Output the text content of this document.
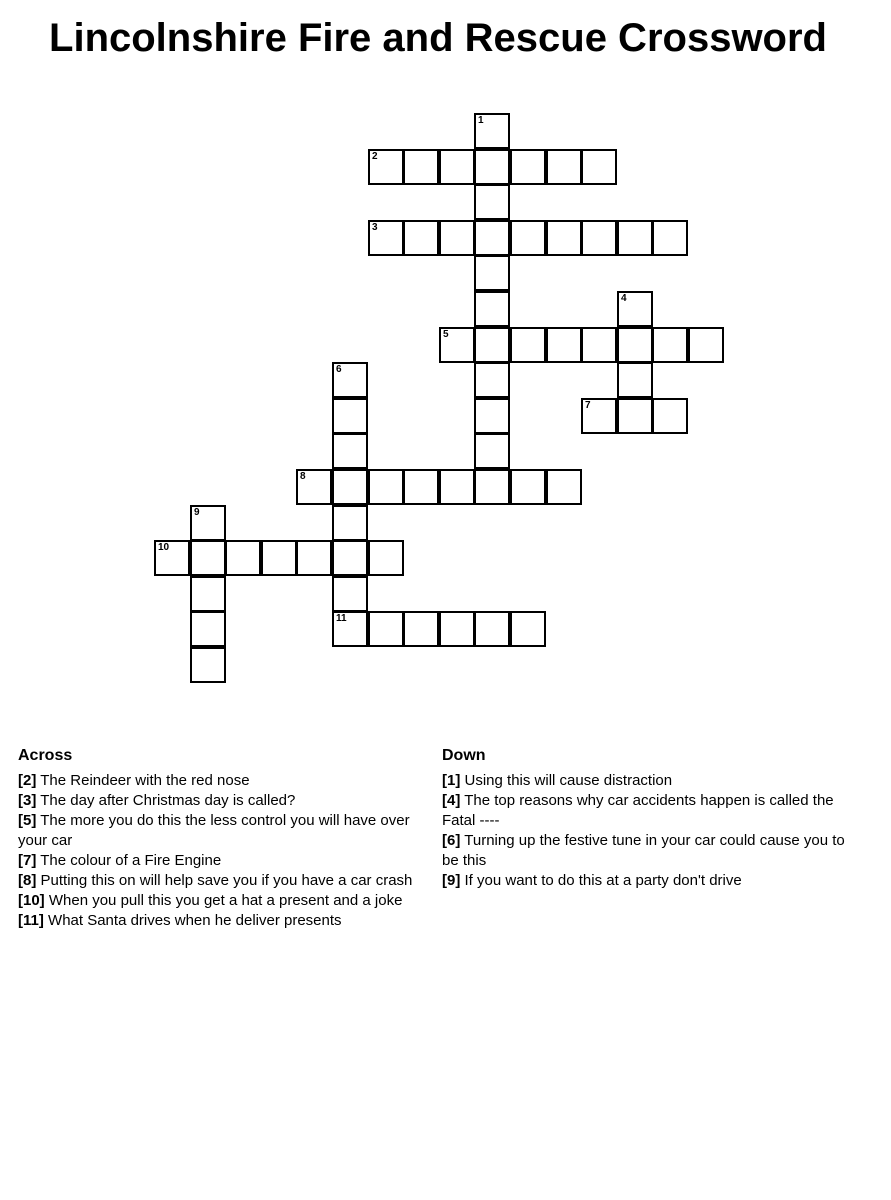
Lincolnshire Fire and Rescue Crossword
1
2
3
4
5
6
11
7
8
9
10
Across

[2] The Reindeer with the red nose

[3] The day after Christmas day is called?

[5] The more you do this the less control you will have over your car

[7] The colour of a Fire Engine

[8] Putting this on will help save you if you have a car crash

[10] When you pull this you get a hat a present and a joke

[11] What Santa drives when he deliver presents

Down

[1] Using this will cause distraction

[4] The top reasons why car accidents happen is called the Fatal ----

[6] Turning up the festive tune in your car could cause you to be this

[9] If you want to do this at a party don't drive
